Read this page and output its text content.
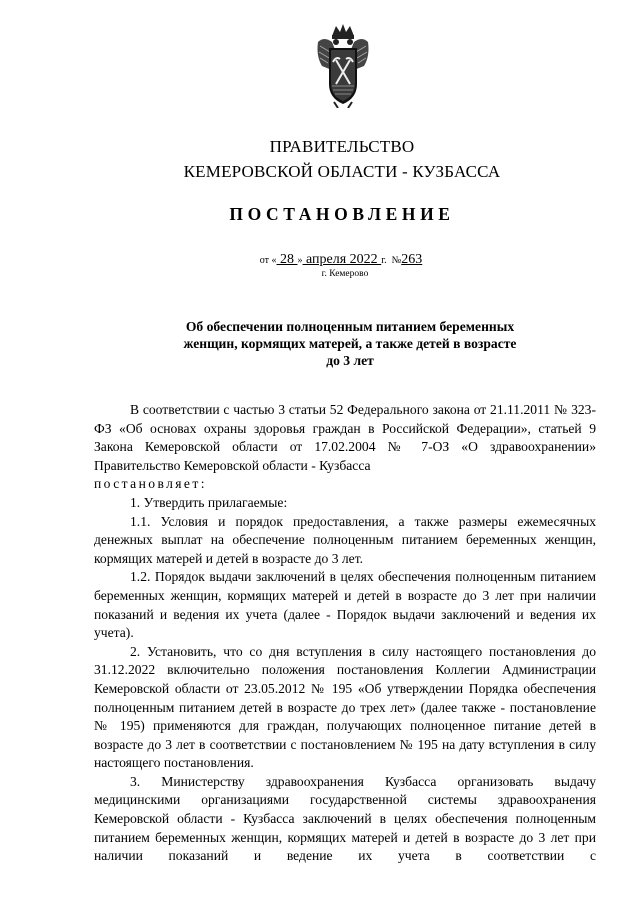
ПРАВИТЕЛЬСТВО
КЕМЕРОВСКОЙ ОБЛАСТИ - КУЗБАССА
ПОСТАНОВЛЕНИЕ
от « 28 » апреля 2022 г. №263
г. Кемерово
Об обеспечении полноценным питанием беременных
женщин, кормящих матерей, а также детей в возрасте
до 3 лет

В соответствии с частью 3 статьи 52 Федерального закона от 21.11.2011 № 323-ФЗ «Об основах охраны здоровья граждан в Российской Федерации», статьей 9 Закона Кемеровской области от 17.02.2004 № 7-ОЗ «О здравоохранении» Правительство Кемеровской области - Кузбасса
постановляет:

1. Утвердить прилагаемые:

1.1. Условия и порядок предоставления, а также размеры ежемесячных денежных выплат на обеспечение полноценным питанием беременных женщин, кормящих матерей и детей в возрасте до 3 лет.

1.2. Порядок выдачи заключений в целях обеспечения полноценным питанием беременных женщин, кормящих матерей и детей в возрасте до 3 лет при наличии показаний и ведения их учета (далее - Порядок выдачи заключений и ведения их учета).

2. Установить, что со дня вступления в силу настоящего постановления до 31.12.2022 включительно положения постановления Коллегии Администрации Кемеровской области от 23.05.2012 № 195 «Об утверждении Порядка обеспечения полноценным питанием детей в возрасте до трех лет» (далее также - постановление № 195) применяются для граждан, получающих полноценное питание детей в возрасте до 3 лет в соответствии с постановлением № 195 на дату вступления в силу настоящего постановления.

3. Министерству здравоохранения Кузбасса организовать выдачу медицинскими организациями государственной системы здравоохранения Кемеровской области - Кузбасса заключений в целях обеспечения полноценным питанием беременных женщин, кормящих матерей и детей в возрасте до 3 лет при наличии показаний и ведение их учета в соответствии с
